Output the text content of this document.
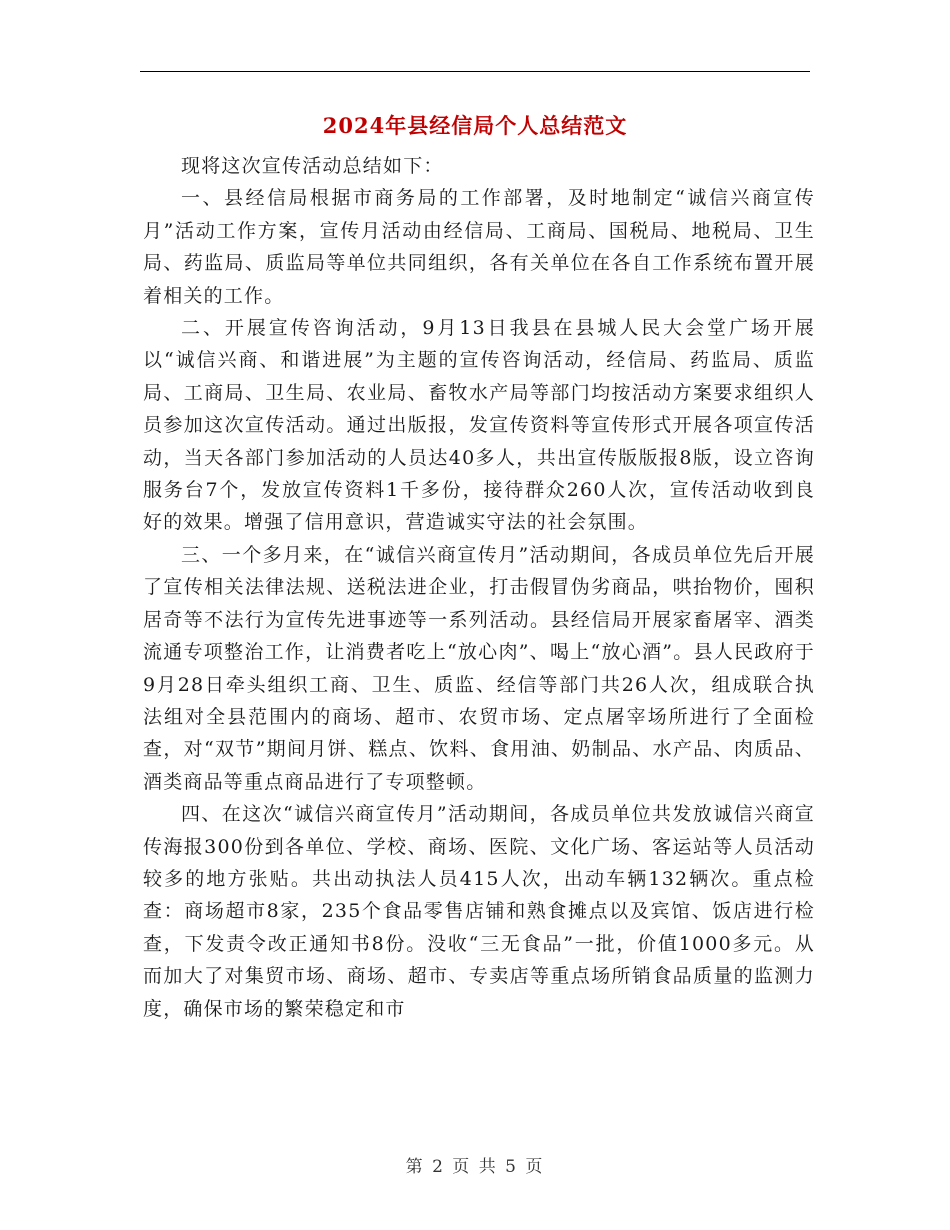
2024年县经信局个人总结范文

现将这次宣传活动总结如下：

一、县经信局根据市商务局的工作部署，及时地制定“诚信兴商宣传月”活动工作方案，宣传月活动由经信局、工商局、国税局、地税局、卫生局、药监局、质监局等单位共同组织，各有关单位在各自工作系统布置开展着相关的工作。

二、开展宣传咨询活动，9月13日我县在县城人民大会堂广场开展以“诚信兴商、和谐进展”为主题的宣传咨询活动，经信局、药监局、质监局、工商局、卫生局、农业局、畜牧水产局等部门均按活动方案要求组织人员参加这次宣传活动。通过出版报，发宣传资料等宣传形式开展各项宣传活动，当天各部门参加活动的人员达40多人，共出宣传版版报8版，设立咨询服务台7个，发放宣传资料1千多份，接待群众260人次，宣传活动收到良好的效果。增强了信用意识，营造诚实守法的社会氛围。

三、一个多月来，在“诚信兴商宣传月”活动期间，各成员单位先后开展了宣传相关法律法规、送税法进企业，打击假冒伪劣商品，哄抬物价，囤积居奇等不法行为宣传先进事迹等一系列活动。县经信局开展家畜屠宰、酒类流通专项整治工作，让消费者吃上“放心肉”、喝上“放心酒”。县人民政府于9月28日牵头组织工商、卫生、质监、经信等部门共26人次，组成联合执法组对全县范围内的商场、超市、农贸市场、定点屠宰场所进行了全面检查，对“双节”期间月饼、糕点、饮料、食用油、奶制品、水产品、肉质品、酒类商品等重点商品进行了专项整顿。

四、在这次“诚信兴商宣传月”活动期间，各成员单位共发放诚信兴商宣传海报300份到各单位、学校、商场、医院、文化广场、客运站等人员活动较多的地方张贴。共出动执法人员415人次，出动车辆132辆次。重点检查：商场超市8家，235个食品零售店铺和熟食摊点以及宾馆、饭店进行检查，下发责令改正通知书8份。没收“三无食品”一批，价值1000多元。从而加大了对集贸市场、商场、超市、专卖店等重点场所销食品质量的监测力度，确保市场的繁荣稳定和市

第 2 页 共 5 页
